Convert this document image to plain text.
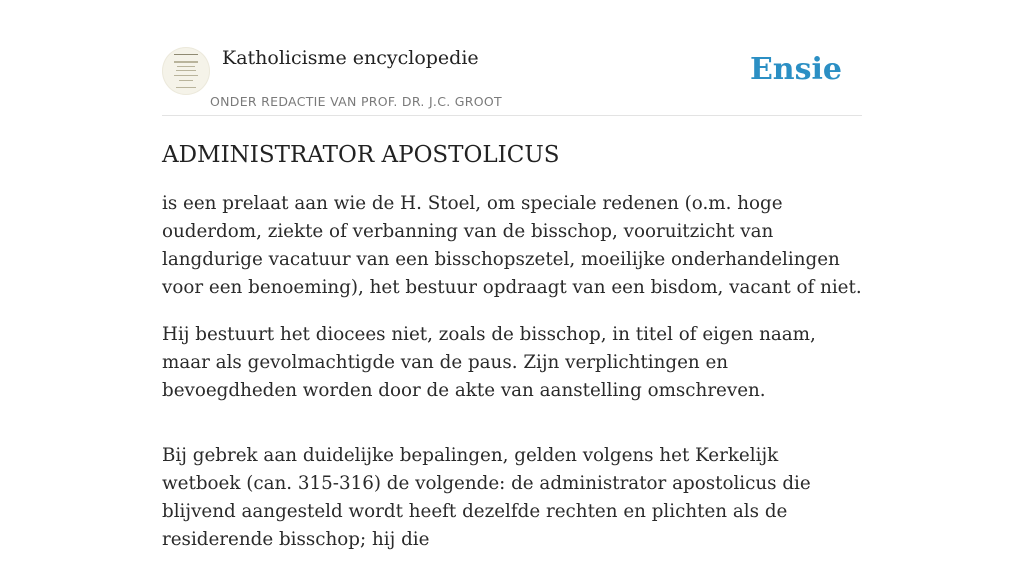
Katholicisme encyclopedie
ONDER REDACTIE VAN PROF. DR. J.C. GROOT
Ensie
ADMINISTRATOR APOSTOLICUS

is een prelaat aan wie de H. Stoel, om speciale redenen (o.m. hoge ouderdom, ziekte of verbanning van de bisschop, vooruitzicht van langdurige vacatuur van een bisschopszetel, moeilijke onderhandelingen voor een benoeming), het bestuur opdraagt van een bisdom, vacant of niet.

Hij bestuurt het diocees niet, zoals de bisschop, in titel of eigen naam, maar als gevolmachtigde van de paus. Zijn verplichtingen en bevoegdheden worden door de akte van aanstelling omschreven.

Bij gebrek aan duidelijke bepalingen, gelden volgens het Kerkelijk wetboek (can. 315-316) de volgende: de administrator apostolicus die blijvend aangesteld wordt heeft dezelfde rechten en plichten als de residerende bisschop; hij die
